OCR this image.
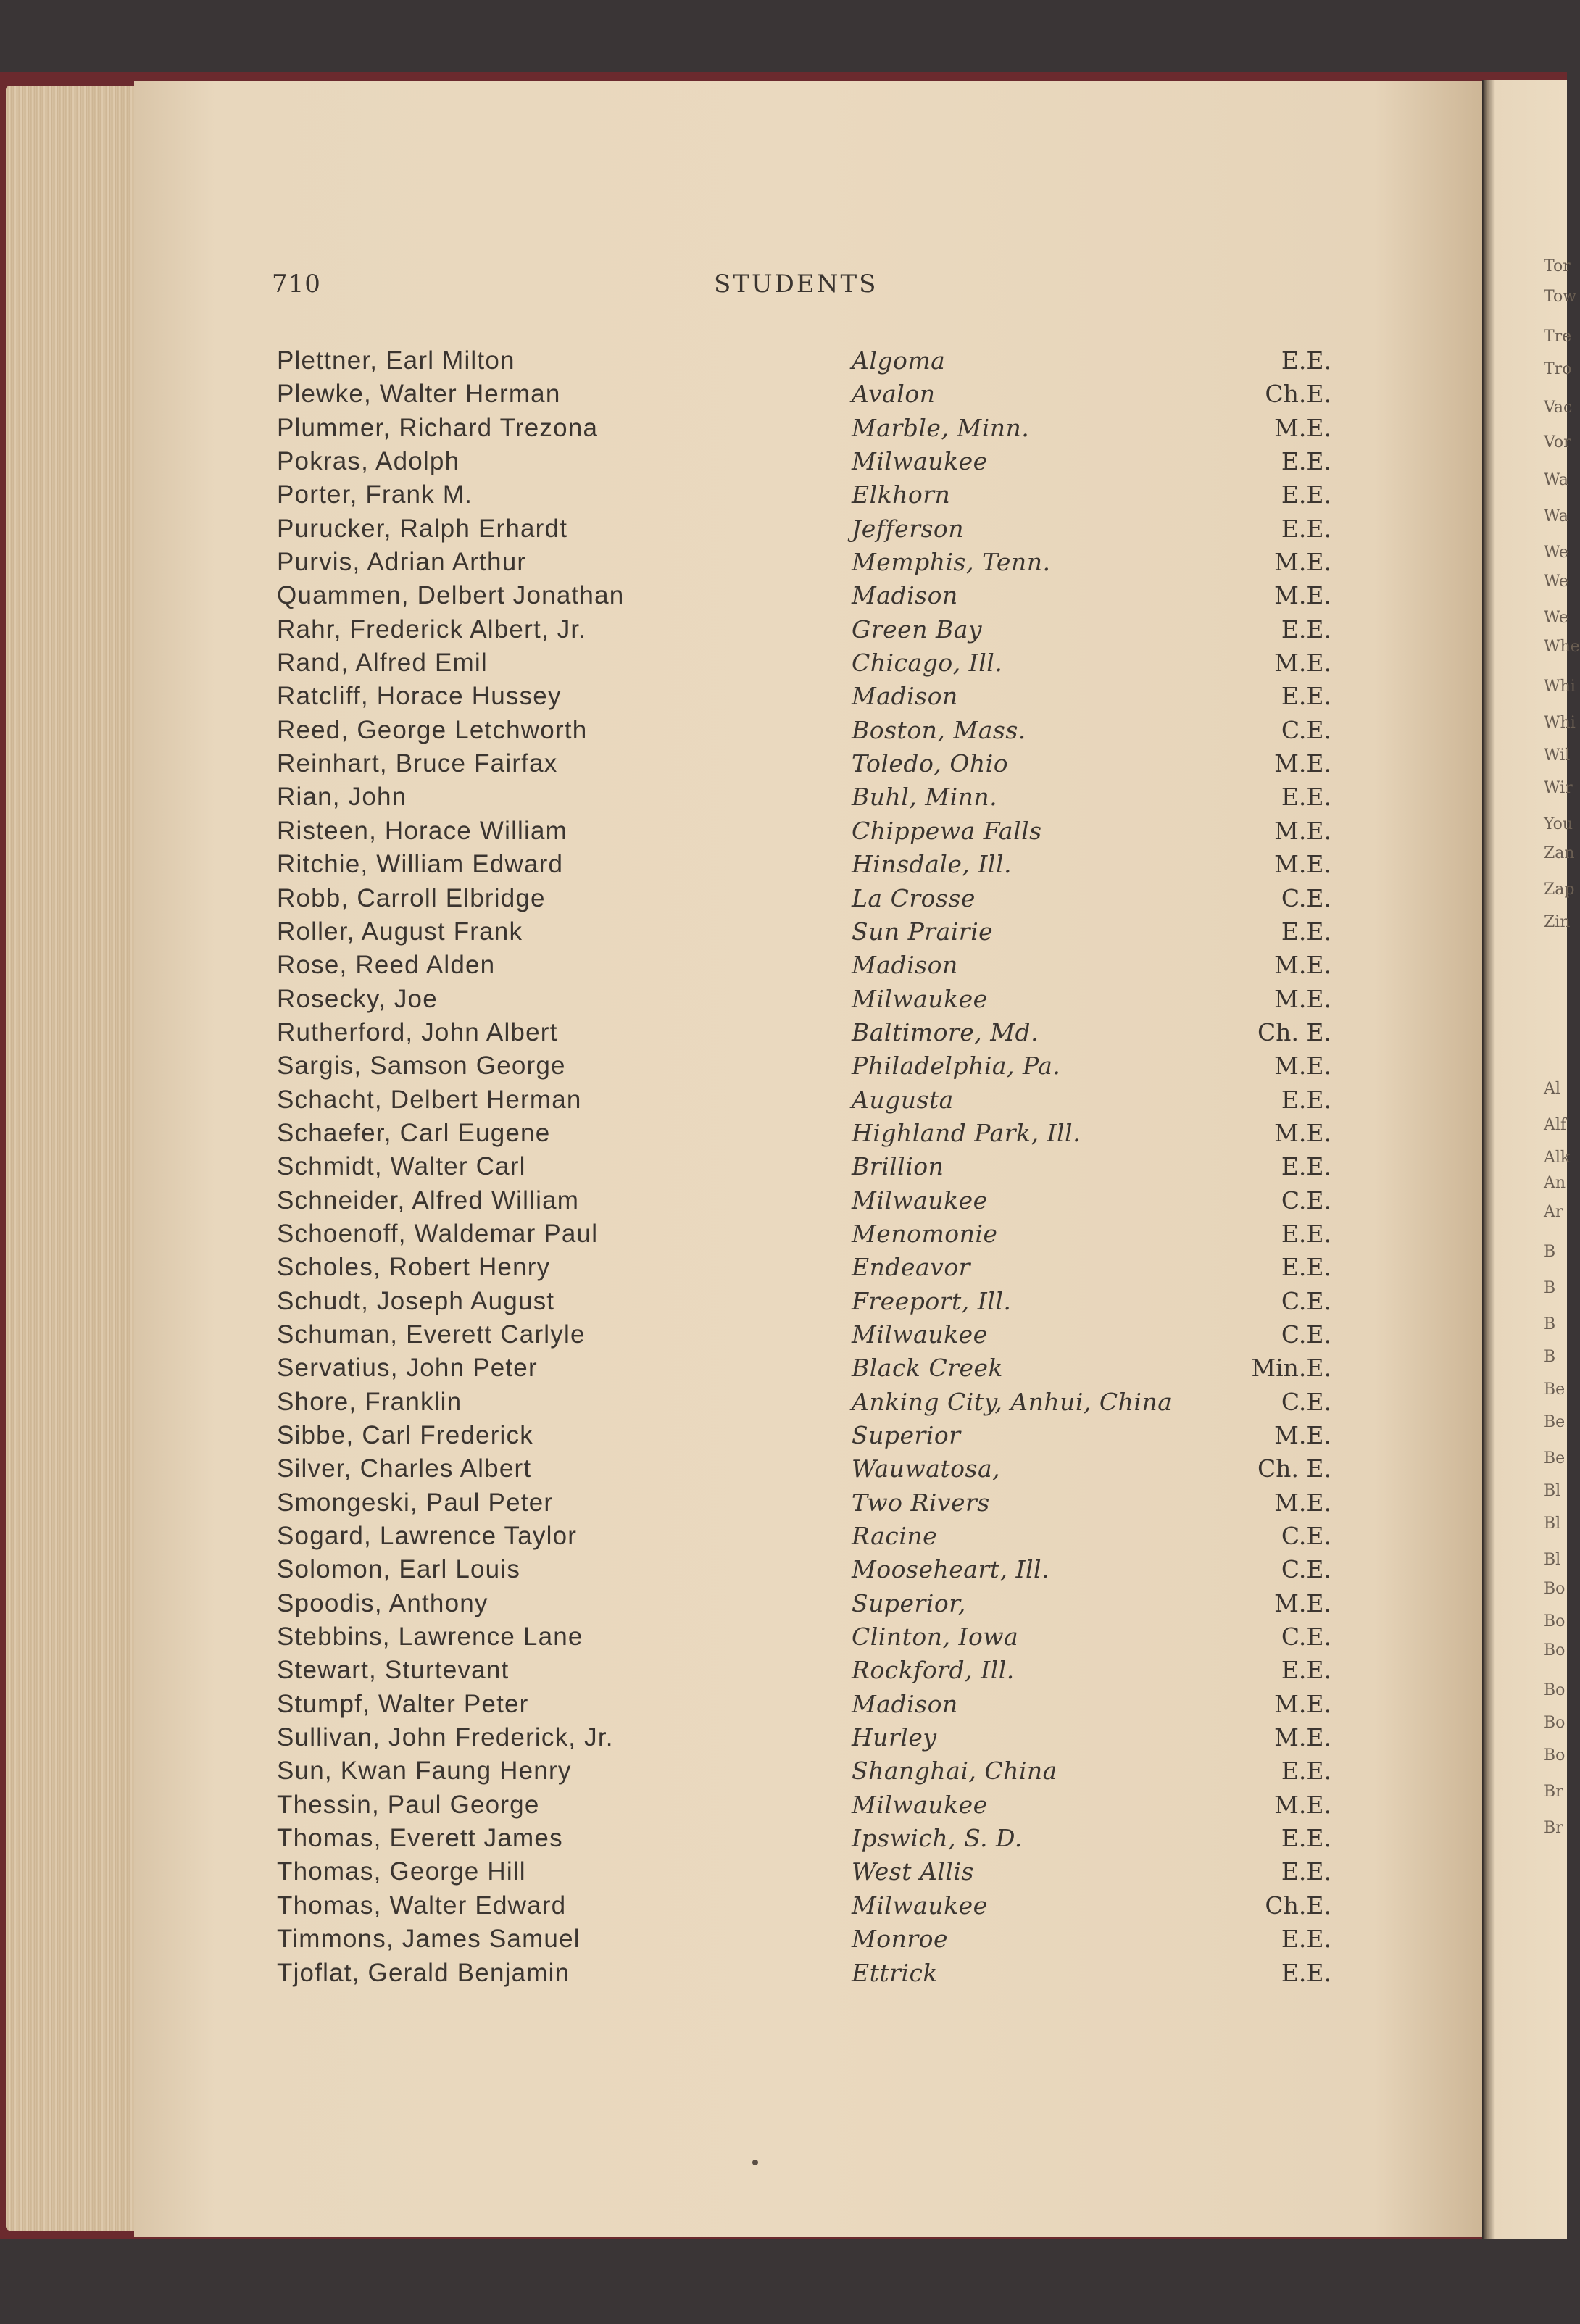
Tor
Tow
Tre
Tro
Vac
Vor
Wa
Wa
We
We
We
Whe
Whi
Whi
Wil
Wir
You
Zan
Zap
Zin
Al
Alf
Alk
An
Ar
B
B
B
B
Be
Be
Be
Bl
Bl
Bl
Bo
Bo
Bo
Bo
Bo
Bo
Br
Br
710	STUDENTS
Plettner, Earl Milton	Algoma	E.E.
Plewke, Walter Herman	Avalon	Ch.E.
Plummer, Richard Trezona	Marble, Minn.	M.E.
Pokras, Adolph	Milwaukee	E.E.
Porter, Frank M.	Elkhorn	E.E.
Purucker, Ralph Erhardt	Jefferson	E.E.
Purvis, Adrian Arthur	Memphis, Tenn.	M.E.
Quammen, Delbert Jonathan	Madison	M.E.
Rahr, Frederick Albert, Jr.	Green Bay	E.E.
Rand, Alfred Emil	Chicago, Ill.	M.E.
Ratcliff, Horace Hussey	Madison	E.E.
Reed, George Letchworth	Boston, Mass.	C.E.
Reinhart, Bruce Fairfax	Toledo, Ohio	M.E.
Rian, John	Buhl, Minn.	E.E.
Risteen, Horace William	Chippewa Falls	M.E.
Ritchie, William Edward	Hinsdale, Ill.	M.E.
Robb, Carroll Elbridge	La Crosse	C.E.
Roller, August Frank	Sun Prairie	E.E.
Rose, Reed Alden	Madison	M.E.
Rosecky, Joe	Milwaukee	M.E.
Rutherford, John Albert	Baltimore, Md.	Ch. E.
Sargis, Samson George	Philadelphia, Pa.	M.E.
Schacht, Delbert Herman	Augusta	E.E.
Schaefer, Carl Eugene	Highland Park, Ill.	M.E.
Schmidt, Walter Carl	Brillion	E.E.
Schneider, Alfred William	Milwaukee	C.E.
Schoenoff, Waldemar Paul	Menomonie	E.E.
Scholes, Robert Henry	Endeavor	E.E.
Schudt, Joseph August	Freeport, Ill.	C.E.
Schuman, Everett Carlyle	Milwaukee	C.E.
Servatius, John Peter	Black Creek	Min.E.
Shore, Franklin	Anking City, Anhui, China	C.E.
Sibbe, Carl Frederick	Superior	M.E.
Silver, Charles Albert	Wauwatosa,	Ch. E.
Smongeski, Paul Peter	Two Rivers	M.E.
Sogard, Lawrence Taylor	Racine	C.E.
Solomon, Earl Louis	Mooseheart, Ill.	C.E.
Spoodis, Anthony	Superior,	M.E.
Stebbins, Lawrence Lane	Clinton, Iowa	C.E.
Stewart, Sturtevant	Rockford, Ill.	E.E.
Stumpf, Walter Peter	Madison	M.E.
Sullivan, John Frederick, Jr.	Hurley	M.E.
Sun, Kwan Faung Henry	Shanghai, China	E.E.
Thessin, Paul George	Milwaukee	M.E.
Thomas, Everett James	Ipswich, S. D.	E.E.
Thomas, George Hill	West Allis	E.E.
Thomas, Walter Edward	Milwaukee	Ch.E.
Timmons, James Samuel	Monroe	E.E.
Tjoflat, Gerald Benjamin	Ettrick	E.E.
